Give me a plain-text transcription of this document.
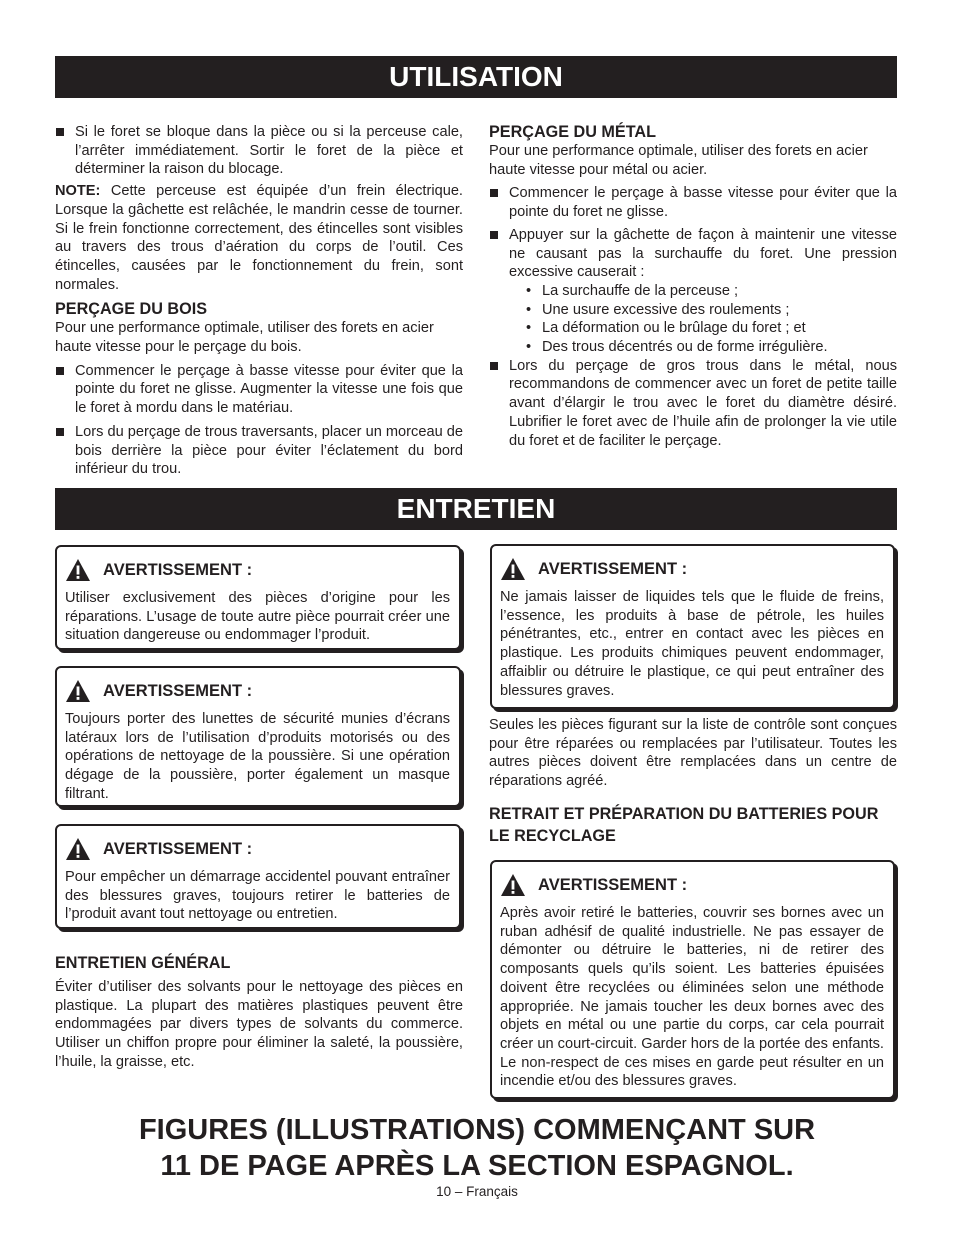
UTILISATION
Si le foret se bloque dans la pièce ou si la perceuse cale, l’arrêter immédiatement. Sortir le foret de la pièce et déterminer la raison du blocage.

NOTE: Cette perceuse est équipée d’un frein électrique. Lorsque la gâchette est relâchée, le mandrin cesse de tourner. Si le frein fonctionne correctement, des étincelles sont visibles au travers des trous d’aération du corps de l’outil. Ces étincelles, causées par le fonctionnement du frein, sont normales.

PERÇAGE DU BOIS

Pour une performance optimale, utiliser des forets en acier haute vitesse pour le perçage du bois.

Commencer le perçage à basse vitesse pour éviter que la pointe du foret ne glisse. Augmenter la vitesse une fois que le foret à mordu dans le matériau.
Lors du perçage de trous traversants, placer un morceau de bois derrière la pièce pour éviter l’éclatement du bord inférieur du trou.
PERÇAGE DU MÉTAL

Pour une performance optimale, utiliser des forets en acier haute vitesse pour métal ou acier.

Commencer le perçage à basse vitesse pour éviter que la pointe du foret ne glisse.
Appuyer sur la gâchette de façon à maintenir une vitesse ne causant pas la surchauffe du foret. Une pression excessive causerait :
• La surchauffe de la perceuse ;
• Une usure excessive des roulements ;
• La déformation ou le brûlage du foret ; et
• Des trous décentrés ou de forme irrégulière.
Lors du perçage de gros trous dans le métal, nous recommandons de commencer avec un foret de petite taille avant d’élargir le trou avec le foret du diamètre désiré. Lubrifier le foret avec de l’huile afin de prolonger la vie utile du foret et de faciliter le perçage.
ENTRETIEN
AVERTISSEMENT :

Utiliser exclusivement des pièces d’origine pour les réparations. L’usage de toute autre pièce pourrait créer une situation dangereuse ou endommager l’produit.

AVERTISSEMENT :

Toujours porter des lunettes de sécurité munies d’écrans latéraux lors de l’utilisation d’produits motorisés ou des opérations de nettoyage de la poussière. Si une opération dégage de la poussière, porter également un masque filtrant.

AVERTISSEMENT :

Pour empêcher un démarrage accidentel pouvant entraîner des blessures graves, toujours retirer le batteries de l’produit avant tout nettoyage ou entretien.

ENTRETIEN GÉNÉRAL

Éviter d’utiliser des solvants pour le nettoyage des pièces en plastique. La plupart des matières plastiques peuvent être endommagées par divers types de solvants du commerce. Utiliser un chiffon propre pour éliminer la saleté, la poussière, l’huile, la graisse, etc.

AVERTISSEMENT :

Ne jamais laisser de liquides tels que le fluide de freins, l’essence, les produits à base de pétrole, les huiles pénétrantes, etc., entrer en contact avec les pièces en plastique. Les produits chimiques peuvent endommager, affaiblir ou détruire le plastique, ce qui peut entraîner des blessures graves.

Seules les pièces figurant sur la liste de contrôle sont conçues pour être réparées ou remplacées par l’utilisateur. Toutes les autres pièces doivent être remplacées dans un centre de réparations agréé.

RETRAIT ET PRÉPARATION DU BATTERIES POUR LE RECYCLAGE
AVERTISSEMENT :

Après avoir retiré le batteries, couvrir ses bornes avec un ruban adhésif de qualité industrielle. Ne pas essayer de démonter ou détruire le batteries, ni de retirer des composants quels qu’ils soient. Les batteries épuisées doivent être recyclées ou éliminées selon une méthode appropriée. Ne jamais toucher les deux bornes avec des objets en métal ou une partie du corps, car cela pourrait créer un court-circuit. Garder hors de la portée des enfants. Le non-respect de ces mises en garde peut résulter en un incendie et/ou des blessures graves.

FIGURES (ILLUSTRATIONS) COMMENÇANT SUR
11 DE PAGE APRÈS LA SECTION ESPAGNOL.
10 – Français
